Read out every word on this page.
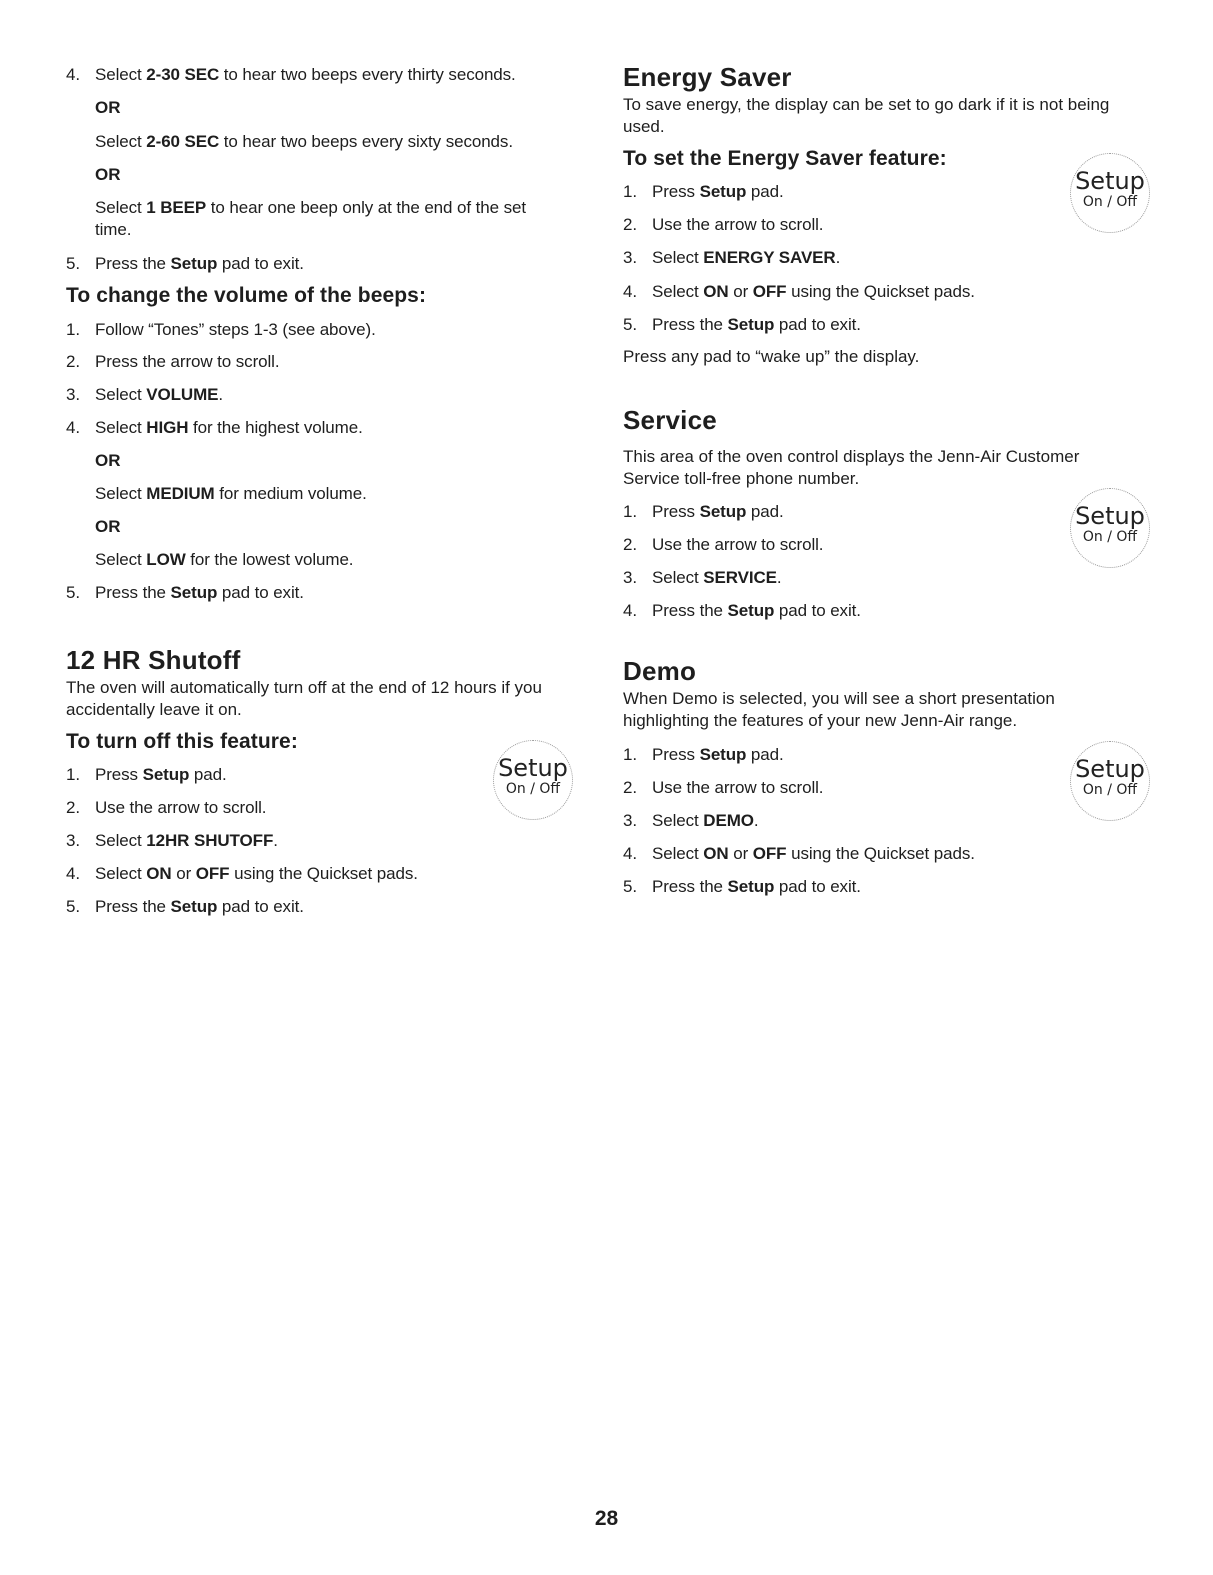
4. Select 2-30 SEC to hear two beeps every thirty seconds.
OR
Select 2-60 SEC to hear two beeps every sixty seconds.
OR
Select 1 BEEP to hear one beep only at the end of the set time.
5. Press the Setup pad to exit.
To change the volume of the beeps:
1. Follow “Tones” steps 1-3 (see above).
2. Press the arrow to scroll.
3. Select VOLUME.
4. Select HIGH for the highest volume.
OR
Select MEDIUM for medium volume.
OR
Select LOW for the lowest volume.
5. Press the Setup pad to exit.
12 HR Shutoff
The oven will automatically turn off at the end of 12 hours if you accidentally leave it on.
To turn off this feature:
1. Press Setup pad.
2. Use the arrow to scroll.
3. Select 12HR SHUTOFF.
4. Select ON or OFF using the Quickset pads.
5. Press the Setup pad to exit.
Setup
On / Off
Energy Saver
To save energy, the display can be set to go dark if it is not being used.
To set the Energy Saver feature:
1. Press Setup pad.
2. Use the arrow to scroll.
3. Select ENERGY SAVER.
4. Select ON or OFF using the Quickset pads.
5. Press the Setup pad to exit.
Press any pad to “wake up” the display.
Service
This area of the oven control displays the Jenn-Air Customer Service toll-free phone number.
1. Press Setup pad.
2. Use the arrow to scroll.
3. Select SERVICE.
4. Press the Setup pad to exit.
Demo
When Demo is selected, you will see a short presentation highlighting the features of your new Jenn-Air range.
1. Press Setup pad.
2. Use the arrow to scroll.
3. Select DEMO.
4. Select ON or OFF using the Quickset pads.
5. Press the Setup pad to exit.
Setup
On / Off
Setup
On / Off
Setup
On / Off
28
